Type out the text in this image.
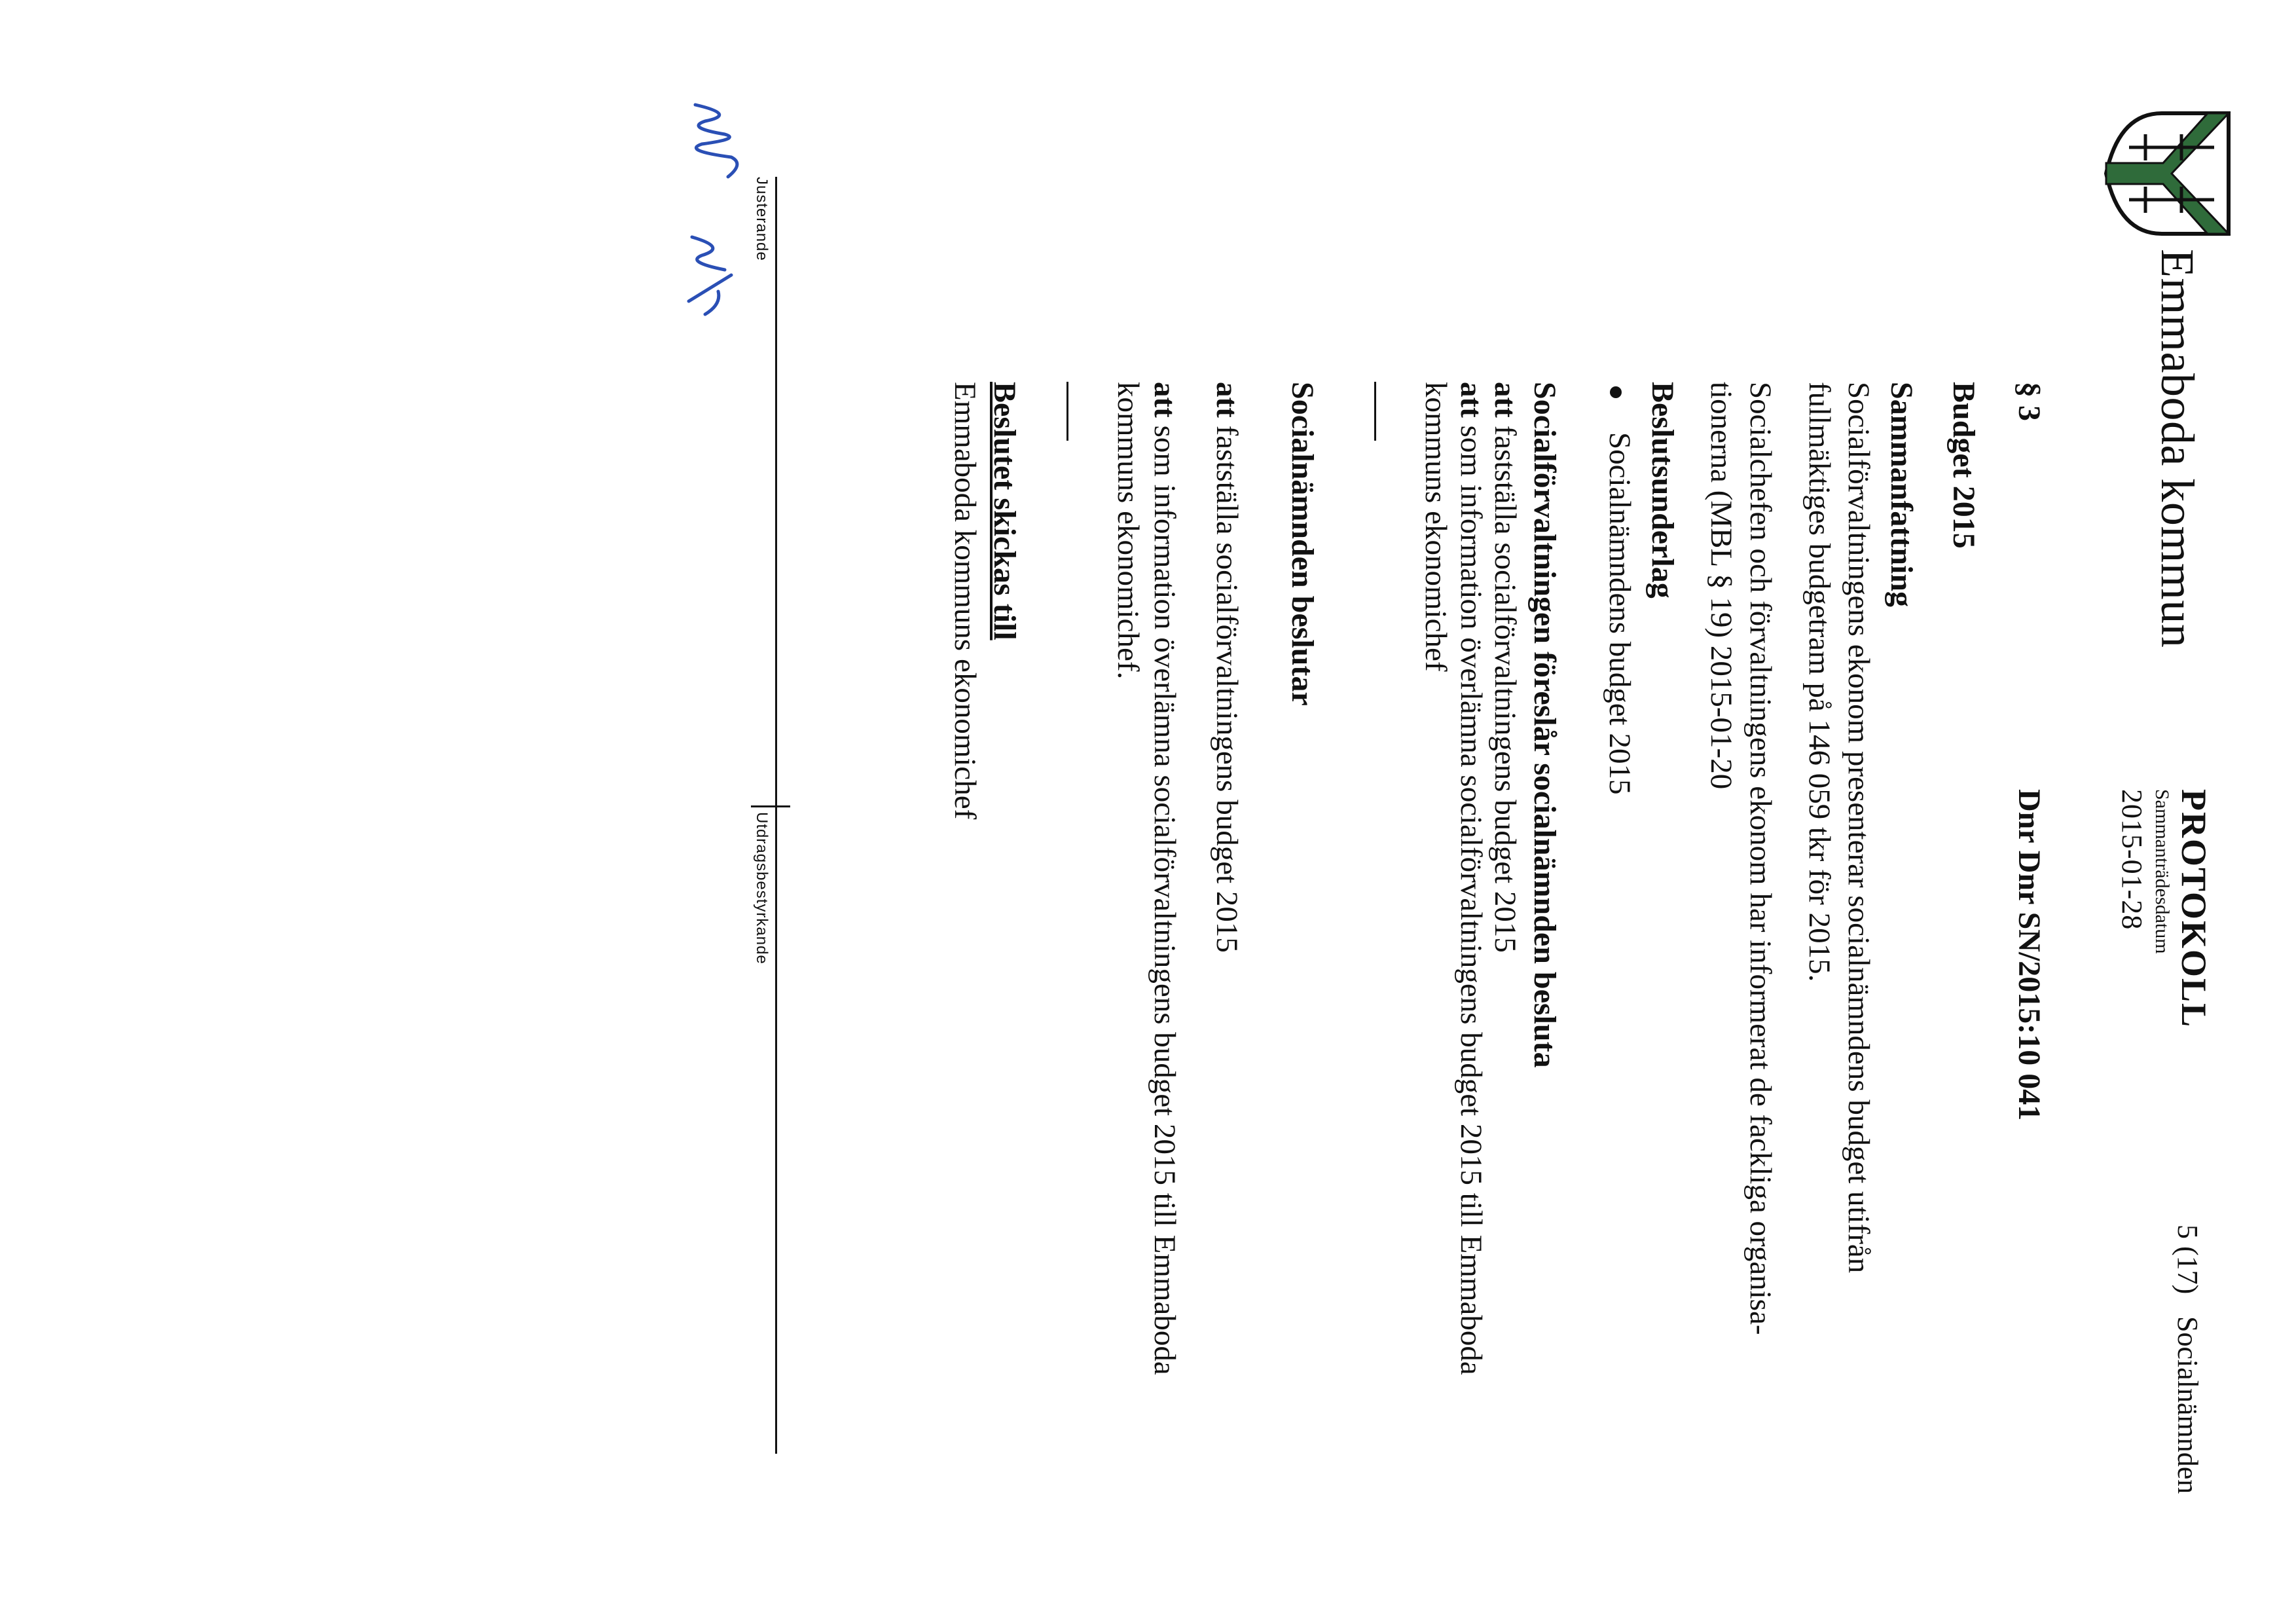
Emmaboda kommun
PROTOKOLL
Sammanträdesdatum
2015-01-28
5 (17)
Socialnämnden
§ 3
Dnr Dnr SN/2015:10 041
Budget 2015
Sammanfattning
Socialförvaltningens ekonom presenterar socialnämndens budget utifrån
fullmäktiges budgetram på 146 059 tkr för 2015.
Socialchefen och förvaltningens ekonom har informerat de fackliga organisa-
tionerna (MBL § 19) 2015-01-20
Beslutsunderlag
Socialnämndens budget 2015
Socialförvaltningen föreslår socialnämnden besluta
att fastställa socialförvaltningens budget 2015
att som information överlämna socialförvaltningens budget 2015 till Emmaboda
kommuns ekonomichef
Socialnämnden beslutar
att fastställa socialförvaltningens budget 2015
att som information överlämna socialförvaltningens budget 2015 till Emmaboda
kommuns ekonomichef.
Beslutet skickas till
Emmaboda kommuns ekonomichef
Justerande
Utdragsbestyrkande
